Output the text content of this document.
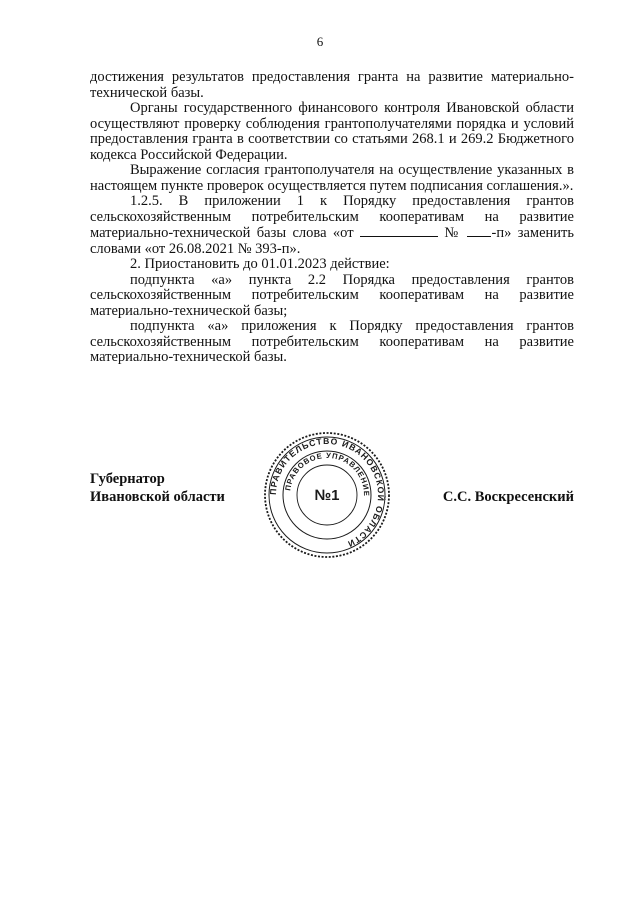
6

достижения результатов предоставления гранта на развитие материально-технической базы.

Органы государственного финансового контроля Ивановской области осуществляют проверку соблюдения грантополучателями порядка и условий предоставления гранта в соответствии со статьями 268.1 и 269.2 Бюджетного кодекса Российской Федерации.

Выражение согласия грантополучателя на осуществление указанных в настоящем пункте проверок осуществляется путем подписания соглашения.».

1.2.5. В приложении 1 к Порядку предоставления грантов сельскохозяйственным потребительским кооперативам на развитие материально-технической базы слова «от	№ -п» заменить словами «от 26.08.2021 № 393-п».

2. Приостановить до 01.01.2023 действие:

подпункта «а» пункта 2.2 Порядка предоставления грантов сельскохозяйственным потребительским кооперативам на развитие материально-технической базы;

подпункта «а» приложения к Порядку предоставления грантов сельскохозяйственным потребительским кооперативам на развитие материально-технической базы.

Губернатор
Ивановской области	С.С. Воскресенский
ПРАВИТЕЛЬСТВО ИВАНОВСКОЙ ОБЛАСТИ
ПРАВОВОЕ УПРАВЛЕНИЕ
№1
